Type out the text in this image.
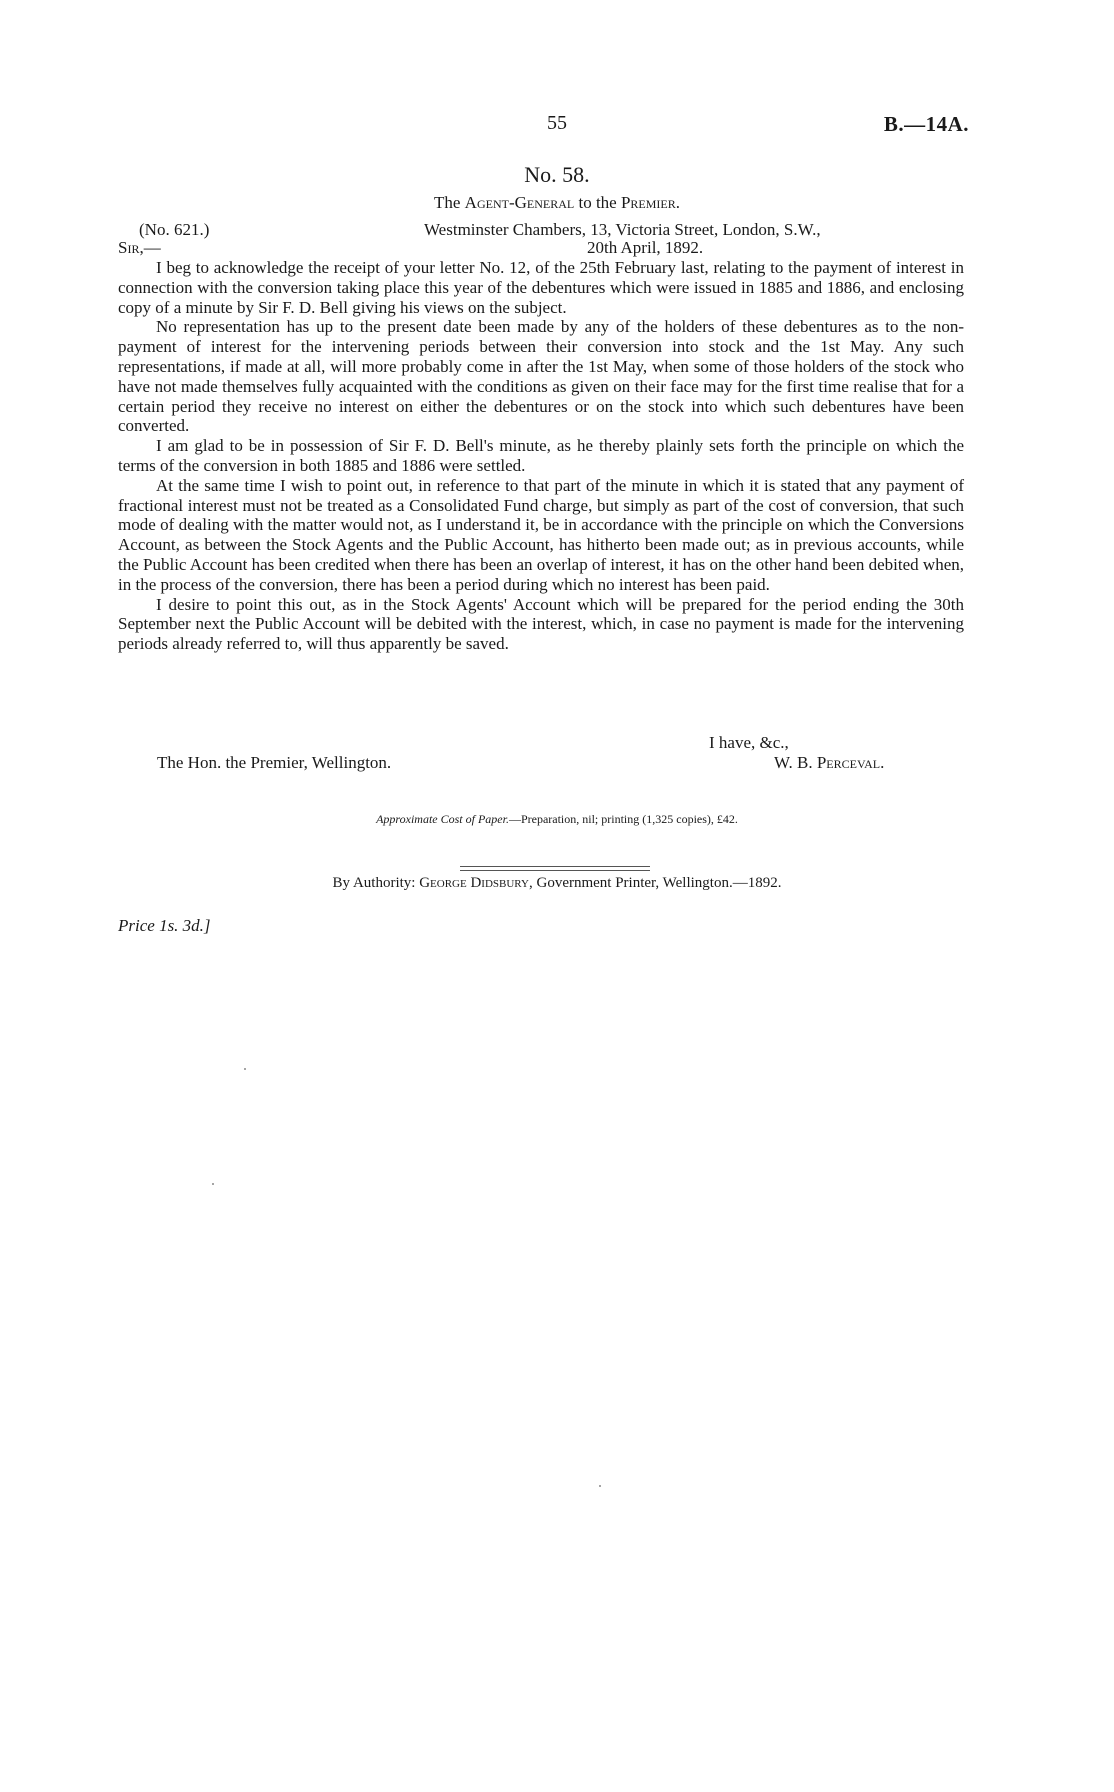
55	B.—14A.
No. 58.
The Agent-General to the Premier.
(No. 621.)	Westminster Chambers, 13, Victoria Street, London, S.W.,
Sir,—	20th April, 1892.

I beg to acknowledge the receipt of your letter No. 12, of the 25th February last, relating to the payment of interest in connection with the conversion taking place this year of the debentures which were issued in 1885 and 1886, and enclosing copy of a minute by Sir F. D. Bell giving his views on the subject.

No representation has up to the present date been made by any of the holders of these debentures as to the non-payment of interest for the intervening periods between their conversion into stock and the 1st May. Any such representations, if made at all, will more probably come in after the 1st May, when some of those holders of the stock who have not made themselves fully acquainted with the conditions as given on their face may for the first time realise that for a certain period they receive no interest on either the debentures or on the stock into which such debentures have been converted.

I am glad to be in possession of Sir F. D. Bell's minute, as he thereby plainly sets forth the principle on which the terms of the conversion in both 1885 and 1886 were settled.

At the same time I wish to point out, in reference to that part of the minute in which it is stated that any payment of fractional interest must not be treated as a Consolidated Fund charge, but simply as part of the cost of conversion, that such mode of dealing with the matter would not, as I understand it, be in accordance with the principle on which the Conversions Account, as between the Stock Agents and the Public Account, has hitherto been made out; as in previous accounts, while the Public Account has been credited when there has been an overlap of interest, it has on the other hand been debited when, in the process of the conversion, there has been a period during which no interest has been paid.

I desire to point this out, as in the Stock Agents' Account which will be prepared for the period ending the 30th September next the Public Account will be debited with the interest, which, in case no payment is made for the intervening periods already referred to, will thus apparently be saved.

I have, &c.,
The Hon. the Premier, Wellington.	W. B. Perceval.
Approximate Cost of Paper.—Preparation, nil; printing (1,325 copies), £42.
By Authority: George Didsbury, Government Printer, Wellington.—1892.
Price 1s. 3d.]
